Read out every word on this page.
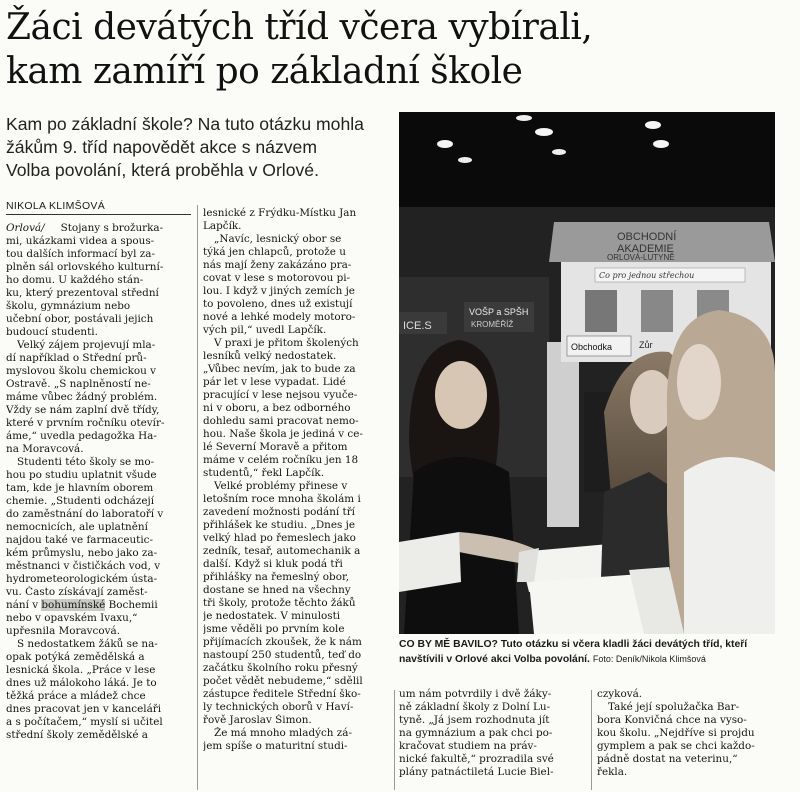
Žáci devátých tříd včera vybírali,
kam zamíří po základní škole

Kam po základní škole? Na tuto otázku mohla
žákům 9. tříd napovědět akce s názvem
Volba povolání, která proběhla v Orlové.

NIKOLA KLIMŠOVÁ
Orlová/ Stojany s brožurka-
mi, ukázkami videa a spous-
tou dalších informací byl za-
plněn sál orlovského kulturní-
ho domu. U každého stán-
ku, který prezentoval střední
školu, gymnázium nebo
učební obor, postávali jejich
budoucí studenti.
Velký zájem projevují mla-
dí například o Střední prů-
myslovou školu chemickou v
Ostravě. „S naplněností ne-
máme vůbec žádný problém.
Vždy se nám zaplní dvě třídy,
které v prvním ročníku otevír-
áme,“ uvedla pedagožka Ha-
na Moravcová.
Studenti této školy se mo-
hou po studiu uplatnit všude
tam, kde je hlavním oborem
chemie. „Studenti odcházejí
do zaměstnání do laboratoří v
nemocnicích, ale uplatnění
najdou také ve farmaceutic-
kém průmyslu, nebo jako za-
městnanci v čističkách vod, v
hydrometeorologickém ústa-
vu. Často získávají zaměst-
nání v bohumínské Bochemii
nebo v opavském Ivaxu,“
upřesnila Moravcová.
S nedostatkem žáků se na-
opak potýká zemědělská a
lesnická škola. „Práce v lese
dnes už málokoho láká. Je to
těžká práce a mládež chce
dnes pracovat jen v kanceláři
a s počítačem,“ myslí si učitel
střední školy zemědělské a
lesnické z Frýdku-Místku Jan
Lapčík.
„Navíc, lesnický obor se
týká jen chlapců, protože u
nás mají ženy zakázáno pra-
covat v lese s motorovou pi-
lou. I když v jiných zemích je
to povoleno, dnes už existují
nové a lehké modely motoro-
vých pil,“ uvedl Lapčík.
V praxi je přitom školených
lesníků velký nedostatek.
„Vůbec nevím, jak to bude za
pár let v lese vypadat. Lidé
pracující v lese nejsou vyuče-
ni v oboru, a bez odborného
dohledu sami pracovat nemo-
hou. Naše škola je jediná v ce-
lé Severní Moravě a přitom
máme v celém ročníku jen 18
studentů,“ řekl Lapčík.
Velké problémy přinese v
letošním roce mnoha školám i
zavedení možnosti podání tří
přihlášek ke studiu. „Dnes je
velký hlad po řemeslech jako
zedník, tesař, automechanik a
další. Když si kluk podá tři
přihlášky na řemeslný obor,
dostane se hned na všechny
tři školy, protože těchto žáků
je nedostatek. V minulosti
jsme věděli po prvním kole
přijímacích zkoušek, že k nám
nastoupí 250 studentů, teď do
začátku školního roku přesný
počet vědět nebudeme,“ sdělil
zástupce ředitele Střední ško-
ly technických oborů v Haví-
řově Jaroslav Šimon.
Že má mnoho mladých zá-
jem spíše o maturitní studi-
ICE.S
VOŠP a SPŠH
KROMĚŘÍŽ
OBCHODNÍ
AKADEMIE
ORLOVÁ-LUTYNĚ
Co pro jednou střechou
Obchodka	Zůr
CO BY MĚ BAVILO? Tuto otázku si včera kladli žáci devátých tříd, kteří navštívili v Orlové akci Volba povolání. Foto: Deník/Nikola Klimšová
um nám potvrdily i dvě žáky-
ně základní školy z Dolní Lu-
tyně. „Já jsem rozhodnuta jít
na gymnázium a pak chci po-
kračovat studiem na práv-
nické fakultě,“ prozradila své
plány patnáctiletá Lucie Biel-
czyková.
Také její spolužačka Bar-
bora Konvičná chce na vyso-
kou školu. „Nejdříve si projdu
gymplem a pak se chci každo-
pádně dostat na veterinu,“
řekla.
